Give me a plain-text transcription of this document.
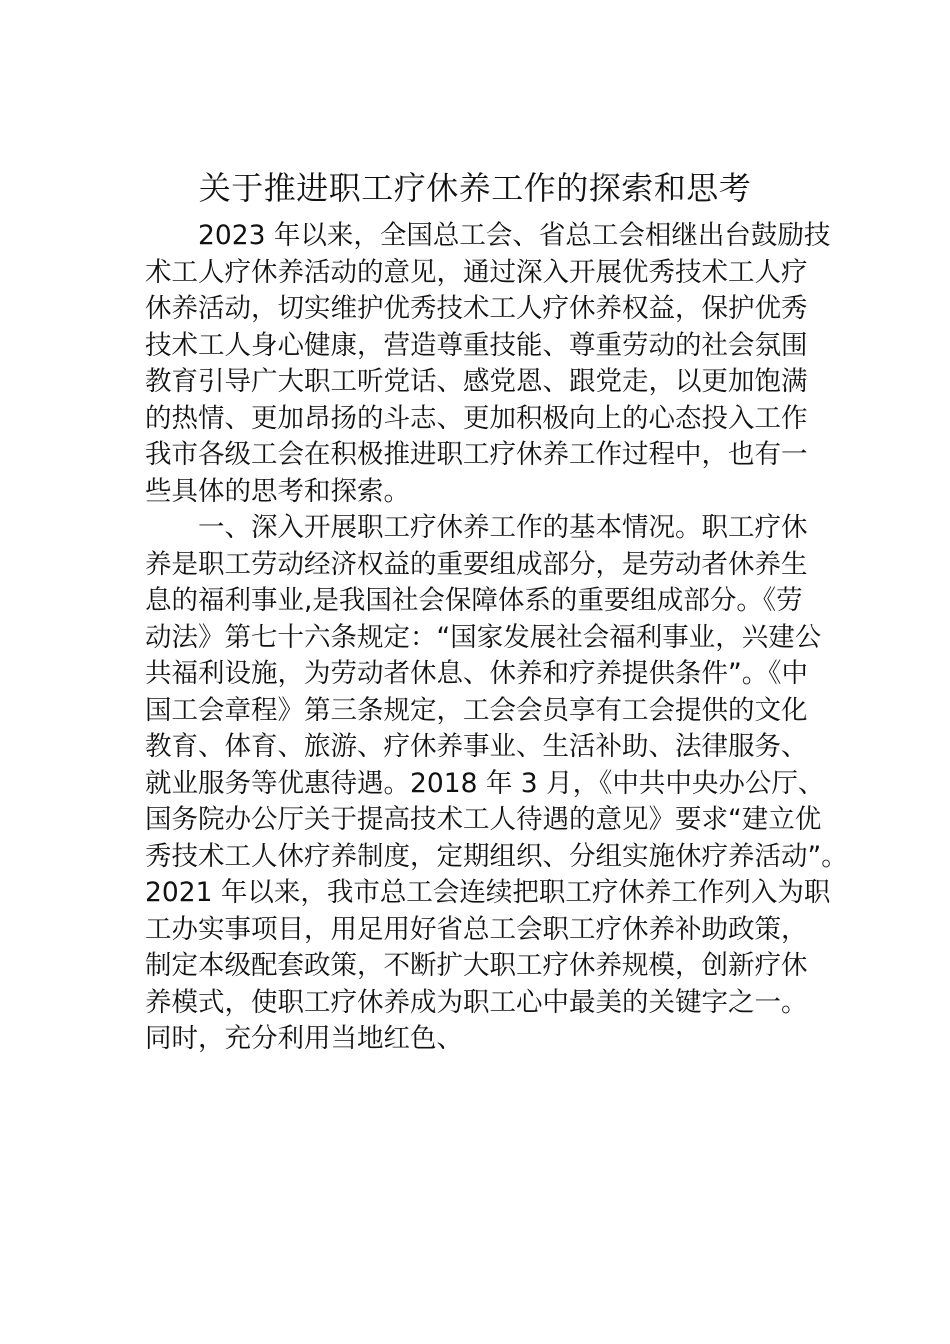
关于推进职工疗休养工作的探索和思考
2023 年以来，全国总工会、省总工会相继出台鼓励技
术工人疗休养活动的意见，通过深入开展优秀技术工人疗
休养活动，切实维护优秀技术工人疗休养权益，保护优秀
技术工人身心健康，营造尊重技能、尊重劳动的社会氛围
教育引导广大职工听党话、感党恩、跟党走，以更加饱满
的热情、更加昂扬的斗志、更加积极向上的心态投入工作
我市各级工会在积极推进职工疗休养工作过程中，也有一
些具体的思考和探索。
一、深入开展职工疗休养工作的基本情况。职工疗休
养是职工劳动经济权益的重要组成部分，是劳动者休养生
息的福利事业,是我国社会保障体系的重要组成部分。《劳
动法》第七十六条规定：“国家发展社会福利事业，兴建公
共福利设施，为劳动者休息、休养和疗养提供条件”。《中
国工会章程》第三条规定，工会会员享有工会提供的文化
教育、体育、旅游、疗休养事业、生活补助、法律服务、
就业服务等优惠待遇。2018 年 3 月，《中共中央办公厅、
国务院办公厅关于提高技术工人待遇的意见》要求“建立优
秀技术工人休疗养制度，定期组织、分组实施休疗养活动”。
2021 年以来，我市总工会连续把职工疗休养工作列入为职
工办实事项目，用足用好省总工会职工疗休养补助政策，
制定本级配套政策，不断扩大职工疗休养规模，创新疗休
养模式，使职工疗休养成为职工心中最美的关键字之一。
同时，充分利用当地红色、
